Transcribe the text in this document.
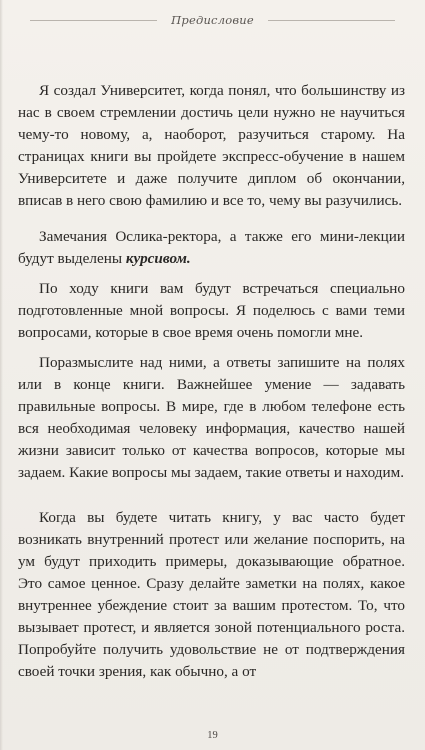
Предисловие

Я создал Университет, когда понял, что большинству из нас в своем стремлении достичь цели нужно не научиться чему-то новому, а, наоборот, разучиться старому. На страницах книги вы пройдете экспресс-обучение в нашем Университете и даже получите диплом об окончании, вписав в него свою фамилию и все то, чему вы разучились.

Замечания Ослика-ректора, а также его мини-лекции будут выделены курсивом.

По ходу книги вам будут встречаться специально подготовленные мной вопросы. Я поделюсь с вами теми вопросами, которые в свое время очень помогли мне.

Поразмыслите над ними, а ответы запишите на полях или в конце книги. Важнейшее умение — задавать правильные вопросы. В мире, где в любом телефоне есть вся необходимая человеку информация, качество нашей жизни зависит только от качества вопросов, которые мы задаем. Какие вопросы мы задаем, такие ответы и находим.

Когда вы будете читать книгу, у вас часто будет возникать внутренний протест или желание поспорить, на ум будут приходить примеры, доказывающие обратное. Это самое ценное. Сразу делайте заметки на полях, какое внутреннее убеждение стоит за вашим протестом. То, что вызывает протест, и является зоной потенциального роста. Попробуйте получить удовольствие не от подтверждения своей точки зрения, как обычно, а от

19
